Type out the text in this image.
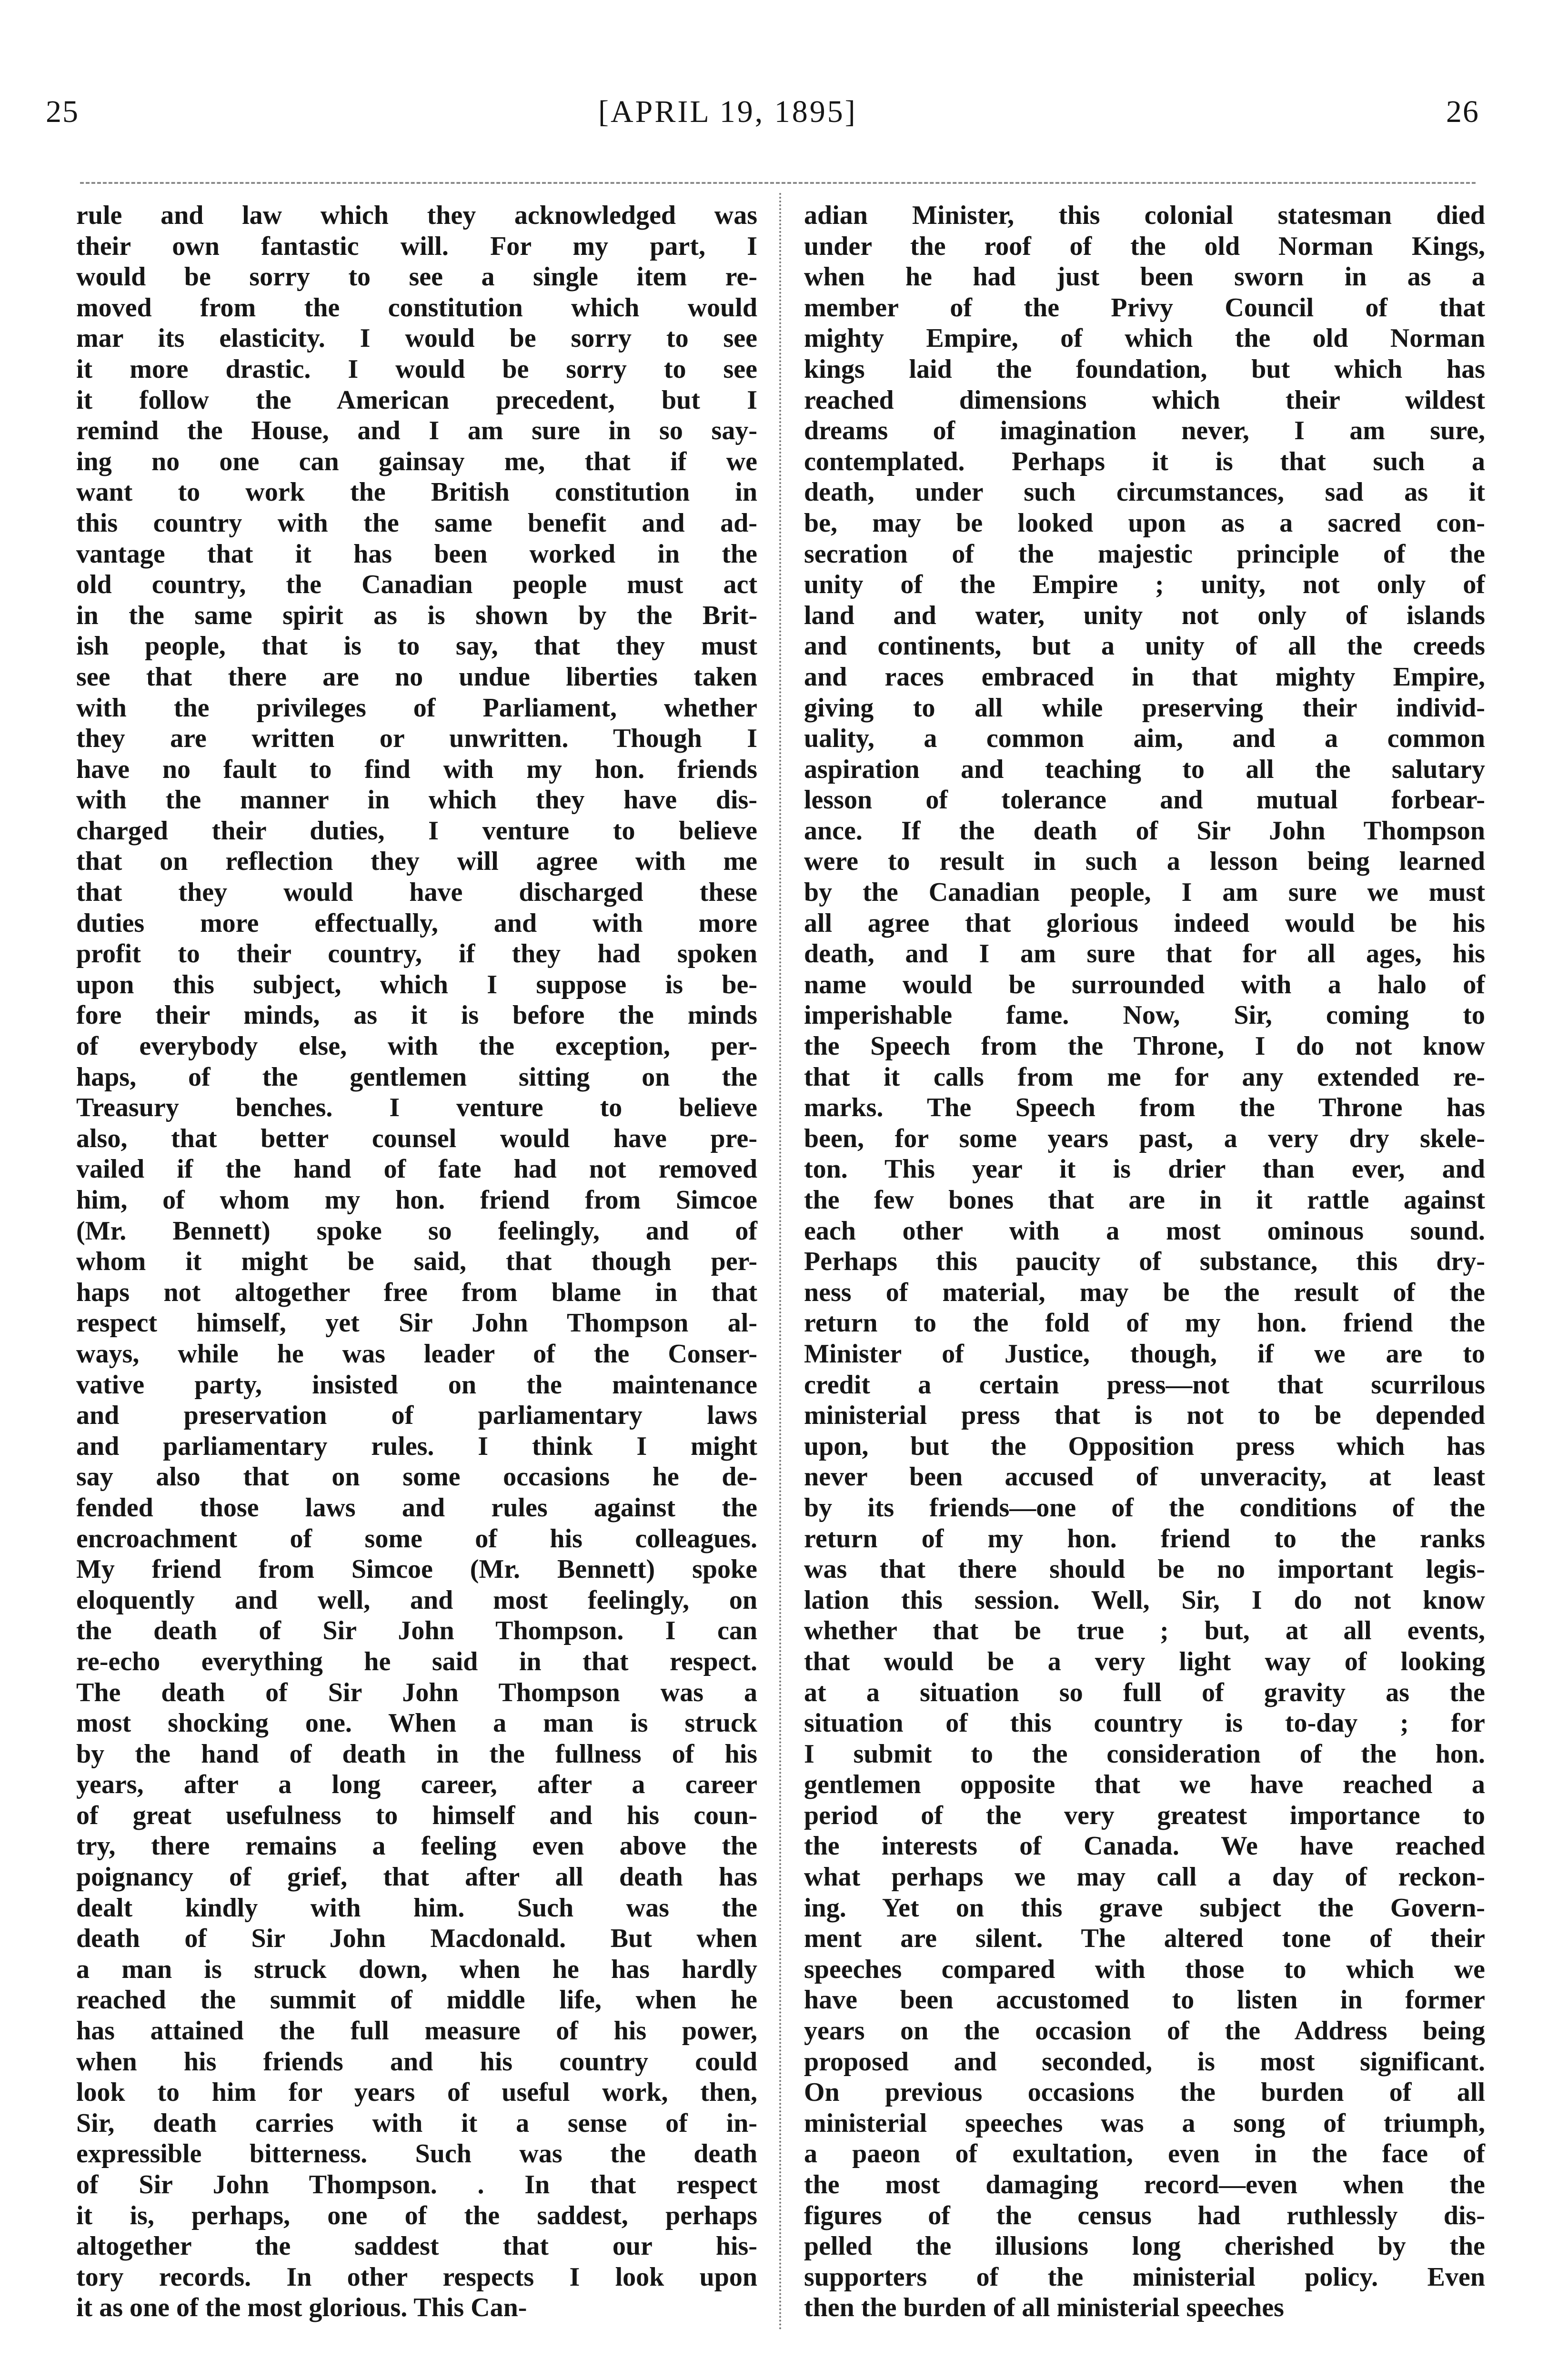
25	[APRIL 19, 1895]	26
rule and law which they acknowledged was
their own fantastic will. For my part, I
would be sorry to see a single item re-
moved from the constitution which would
mar its elasticity. I would be sorry to see
it more drastic. I would be sorry to see
it follow the American precedent, but I
remind the House, and I am sure in so say-
ing no one can gainsay me, that if we
want to work the British constitution in
this country with the same benefit and ad-
vantage that it has been worked in the
old country, the Canadian people must act
in the same spirit as is shown by the Brit-
ish people, that is to say, that they must
see that there are no undue liberties taken
with the privileges of Parliament, whether
they are written or unwritten. Though I
have no fault to find with my hon. friends
with the manner in which they have dis-
charged their duties, I venture to believe
that on reflection they will agree with me
that they would have discharged these
duties more effectually, and with more
profit to their country, if they had spoken
upon this subject, which I suppose is be-
fore their minds, as it is before the minds
of everybody else, with the exception, per-
haps, of the gentlemen sitting on the
Treasury benches. I venture to believe
also, that better counsel would have pre-
vailed if the hand of fate had not removed
him, of whom my hon. friend from Simcoe
(Mr. Bennett) spoke so feelingly, and of
whom it might be said, that though per-
haps not altogether free from blame in that
respect himself, yet Sir John Thompson al-
ways, while he was leader of the Conser-
vative party, insisted on the maintenance
and preservation of parliamentary laws
and parliamentary rules. I think I might
say also that on some occasions he de-
fended those laws and rules against the
encroachment of some of his colleagues.
My friend from Simcoe (Mr. Bennett) spoke
eloquently and well, and most feelingly, on
the death of Sir John Thompson. I can
re-echo everything he said in that respect.
The death of Sir John Thompson was a
most shocking one. When a man is struck
by the hand of death in the fullness of his
years, after a long career, after a career
of great usefulness to himself and his coun-
try, there remains a feeling even above the
poignancy of grief, that after all death has
dealt kindly with him. Such was the
death of Sir John Macdonald. But when
a man is struck down, when he has hardly
reached the summit of middle life, when he
has attained the full measure of his power,
when his friends and his country could
look to him for years of useful work, then,
Sir, death carries with it a sense of in-
expressible bitterness. Such was the death
of Sir John Thompson. . In that respect
it is, perhaps, one of the saddest, perhaps
altogether the saddest that our his-
tory records. In other respects I look upon
it as one of the most glorious. This Can-
adian Minister, this colonial statesman died
under the roof of the old Norman Kings,
when he had just been sworn in as a
member of the Privy Council of that
mighty Empire, of which the old Norman
kings laid the foundation, but which has
reached dimensions which their wildest
dreams of imagination never, I am sure,
contemplated. Perhaps it is that such a
death, under such circumstances, sad as it
be, may be looked upon as a sacred con-
secration of the majestic principle of the
unity of the Empire ; unity, not only of
land and water, unity not only of islands
and continents, but a unity of all the creeds
and races embraced in that mighty Empire,
giving to all while preserving their individ-
uality, a common aim, and a common
aspiration and teaching to all the salutary
lesson of tolerance and mutual forbear-
ance. If the death of Sir John Thompson
were to result in such a lesson being learned
by the Canadian people, I am sure we must
all agree that glorious indeed would be his
death, and I am sure that for all ages, his
name would be surrounded with a halo of
imperishable fame. Now, Sir, coming to
the Speech from the Throne, I do not know
that it calls from me for any extended re-
marks. The Speech from the Throne has
been, for some years past, a very dry skele-
ton. This year it is drier than ever, and
the few bones that are in it rattle against
each other with a most ominous sound.
Perhaps this paucity of substance, this dry-
ness of material, may be the result of the
return to the fold of my hon. friend the
Minister of Justice, though, if we are to
credit a certain press—not that scurrilous
ministerial press that is not to be depended
upon, but the Opposition press which has
never been accused of unveracity, at least
by its friends—one of the conditions of the
return of my hon. friend to the ranks
was that there should be no important legis-
lation this session. Well, Sir, I do not know
whether that be true ; but, at all events,
that would be a very light way of looking
at a situation so full of gravity as the
situation of this country is to-day ; for
I submit to the consideration of the hon.
gentlemen opposite that we have reached a
period of the very greatest importance to
the interests of Canada. We have reached
what perhaps we may call a day of reckon-
ing. Yet on this grave subject the Govern-
ment are silent. The altered tone of their
speeches compared with those to which we
have been accustomed to listen in former
years on the occasion of the Address being
proposed and seconded, is most significant.
On previous occasions the burden of all
ministerial speeches was a song of triumph,
a paeon of exultation, even in the face of
the most damaging record—even when the
figures of the census had ruthlessly dis-
pelled the illusions long cherished by the
supporters of the ministerial policy. Even
then the burden of all ministerial speeches
